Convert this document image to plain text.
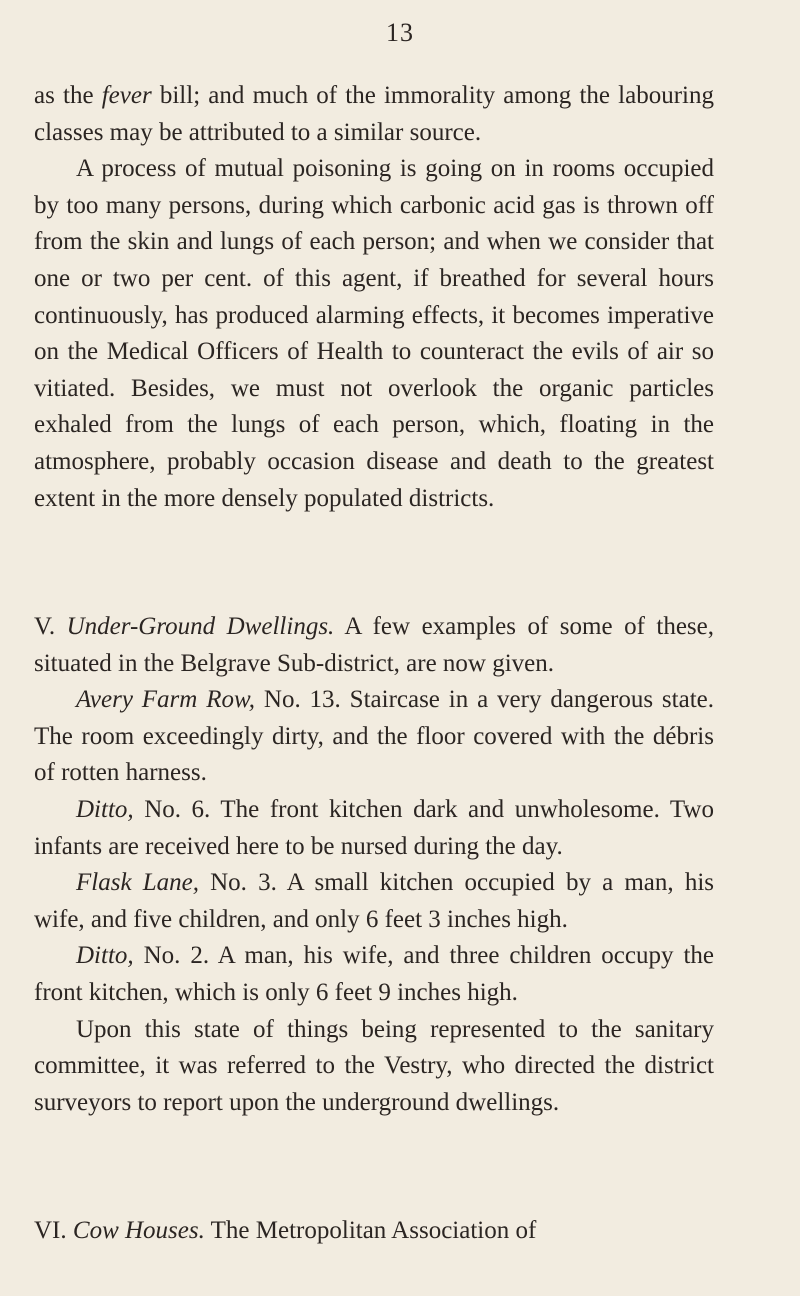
13

as the fever bill; and much of the immorality among the labouring classes may be attributed to a similar source.

A process of mutual poisoning is going on in rooms occupied by too many persons, during which carbonic acid gas is thrown off from the skin and lungs of each person; and when we consider that one or two per cent. of this agent, if breathed for several hours continuously, has produced alarming effects, it becomes imperative on the Medical Officers of Health to counteract the evils of air so vitiated. Besides, we must not overlook the organic particles exhaled from the lungs of each person, which, floating in the atmosphere, probably occasion disease and death to the greatest extent in the more densely populated districts.

V. Under-Ground Dwellings. A few examples of some of these, situated in the Belgrave Sub-district, are now given.

Avery Farm Row, No. 13. Staircase in a very dangerous state. The room exceedingly dirty, and the floor covered with the débris of rotten harness.

Ditto, No. 6. The front kitchen dark and unwholesome. Two infants are received here to be nursed during the day.

Flask Lane, No. 3. A small kitchen occupied by a man, his wife, and five children, and only 6 feet 3 inches high.

Ditto, No. 2. A man, his wife, and three children occupy the front kitchen, which is only 6 feet 9 inches high.

Upon this state of things being represented to the sanitary committee, it was referred to the Vestry, who directed the district surveyors to report upon the underground dwellings.

VI. Cow Houses. The Metropolitan Association of
